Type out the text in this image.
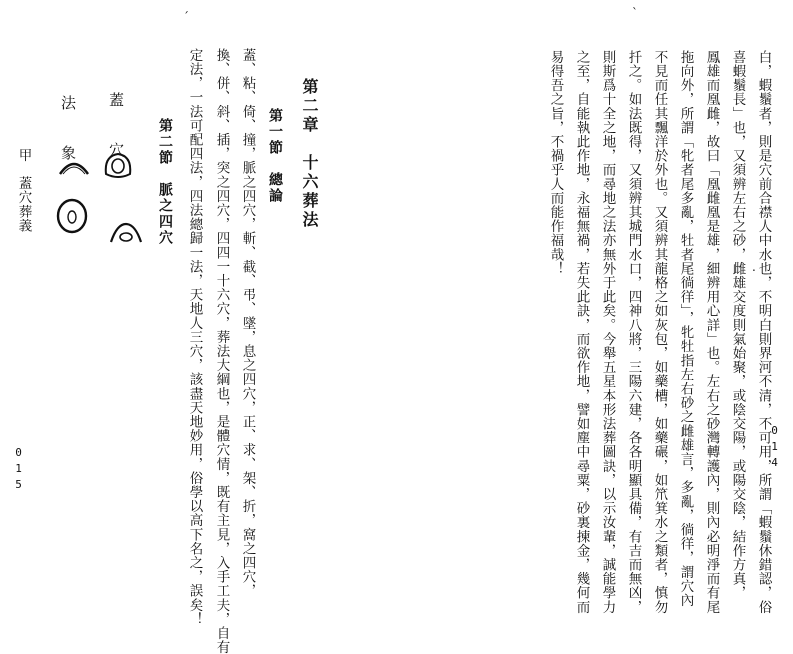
ˊ
第二章　十六葬法
第一節　總論
蓋、粘、倚、撞，脈之四穴，斬、截、弔、墜，息之四穴，正、求、架、折，窩之四穴，
換、併、斜、插，突之四穴，四四一十六穴，葬法大綱也，是體穴情，既有主見，入手工夫，自有
定法，一法可配四法，四法總歸一法，天地人三穴，該盡天地妙用，俗學以高下名之，誤矣！
第二節　脈之四穴
甲　蓋穴葬義
蓋　穴
法　象
015
ˋ
. 白，蝦鬚者，則是穴前合襟人中水也，不明白則界河不清，不可用，所謂「蝦鬚休錯認，俗
喜蝦鬚長」也，又須辨左右之砂，雌雄交度則氣始聚，或陰交陽，或陽交陰，結作方真，
鳳雄而凰雌，故曰「凰雌凰是雄，細辨用心詳」也。左右之砂灣轉護內，則內必明淨而有尾
拖向外，所謂「牝者尾多亂，牡者尾徜徉」，牝牡指左右砂之雌雄言，多亂，徜徉，謂穴內
不見而任其飄洋於外也。又須辨其龍格之如灰包，如藥槽，如藥碾，如笊箕水之類者，慎勿
扦之。如法既得，又須辨其城門水口，四神八將，三陽六建，各各明顯具備，有吉而無凶，
則斯爲十全之地，而尋地之法亦無外于此矣。今舉五星本形法葬圖訣，以示汝輩，誠能學力
之至，自能執此作地，永福無禍，若失此訣，而欲作地，譬如塵中尋粟，砂裏揀金，幾何而
易得吾之旨，不禍乎人而能作福哉！
014
